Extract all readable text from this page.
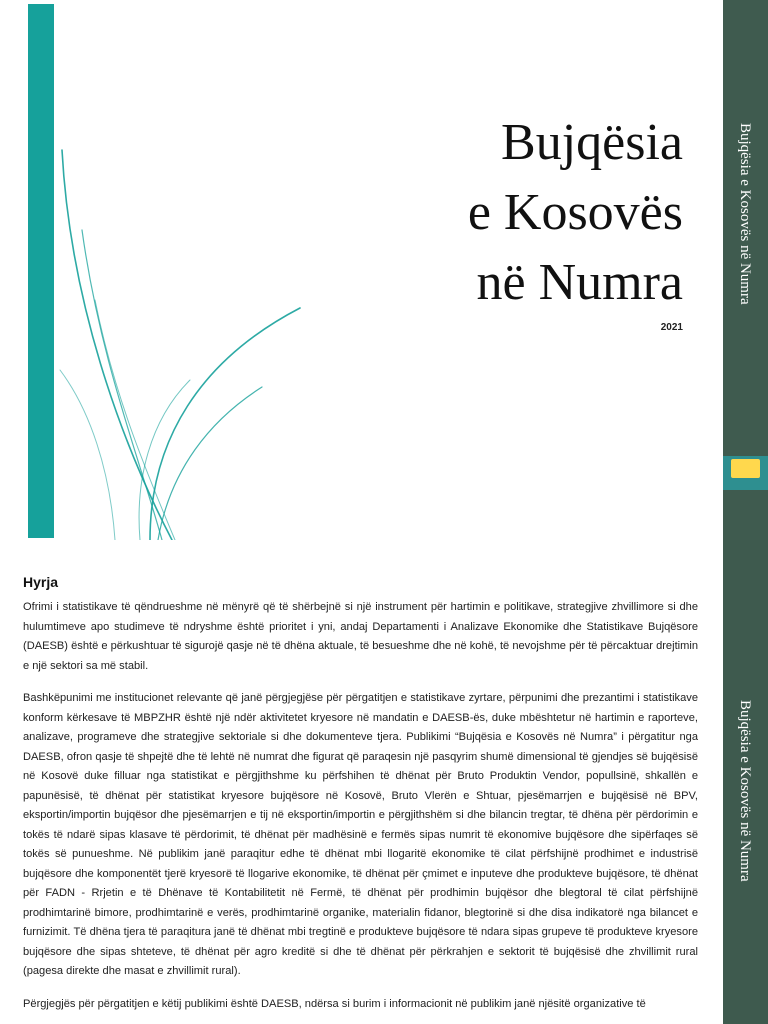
Bujqësia
e Kosovës
në Numra
2021
Bujqësia e Kosovës në Numra
Bujqësia e Kosovës në Numra
Hyrja

Ofrimi i statistikave të qëndrueshme në mënyrë që të shërbejnë si një instrument për hartimin e politikave, strategjive zhvillimore si dhe hulumtimeve apo studimeve të ndryshme është prioritet i yni, andaj Departamenti i Analizave Ekonomike dhe Statistikave Bujqësore (DAESB) është e përkushtuar të sigurojë qasje në të dhëna aktuale, të besueshme dhe në kohë, të nevojshme për të përcaktuar drejtimin e një sektori sa më stabil.

Bashkëpunimi me institucionet relevante që janë përgjegjëse për përgatitjen e statistikave zyrtare, përpunimi dhe prezantimi i statistikave konform kërkesave të MBPZHR është një ndër aktivitetet kryesore në mandatin e DAESB-ës, duke mbështetur në hartimin e raporteve, analizave, programeve dhe strategjive sektoriale si dhe dokumenteve tjera. Publikimi “Bujqësia e Kosovës në Numra” i përgatitur nga DAESB, ofron qasje të shpejtë dhe të lehtë në numrat dhe figurat që paraqesin një pasqyrim shumë dimensional të gjendjes së bujqësisë në Kosovë duke filluar nga statistikat e përgjithshme ku përfshihen të dhënat për Bruto Produktin Vendor, popullsinë, shkallën e papunësisë, të dhënat për statistikat kryesore bujqësore në Kosovë, Bruto Vlerën e Shtuar, pjesëmarrjen e bujqësisë në BPV, eksportin/importin bujqësor dhe pjesëmarrjen e tij në eksportin/importin e përgjithshëm si dhe bilancin tregtar, të dhëna për përdorimin e tokës të ndarë sipas klasave të përdorimit, të dhënat për madhësinë e fermës sipas numrit të ekonomive bujqësore dhe sipërfaqes së tokës së punueshme. Në publikim janë paraqitur edhe të dhënat mbi llogaritë ekonomike të cilat përfshijnë prodhimet e industrisë bujqësore dhe komponentët tjerë kryesorë të llogarive ekonomike, të dhënat për çmimet e inputeve dhe produkteve bujqësore, të dhënat për FADN - Rrjetin e të Dhënave të Kontabilitetit në Fermë, të dhënat për prodhimin bujqësor dhe blegtoral të cilat përfshijnë prodhimtarinë bimore, prodhimtarinë e verës, prodhimtarinë organike, materialin fidanor, blegtorinë si dhe disa indikatorë nga bilancet e furnizimit. Të dhëna tjera të paraqitura janë të dhënat mbi tregtinë e produkteve bujqësore të ndara sipas grupeve të produkteve kryesore bujqësore dhe sipas shteteve, të dhënat për agro kreditë si dhe të dhënat për përkrahjen e sektorit të bujqësisë dhe zhvillimit rural (pagesa direkte dhe masat e zhvillimit rural).

Përgjegjës për përgatitjen e këtij publikimi është DAESB, ndërsa si burim i informacionit në publikim janë njësitë organizative të
